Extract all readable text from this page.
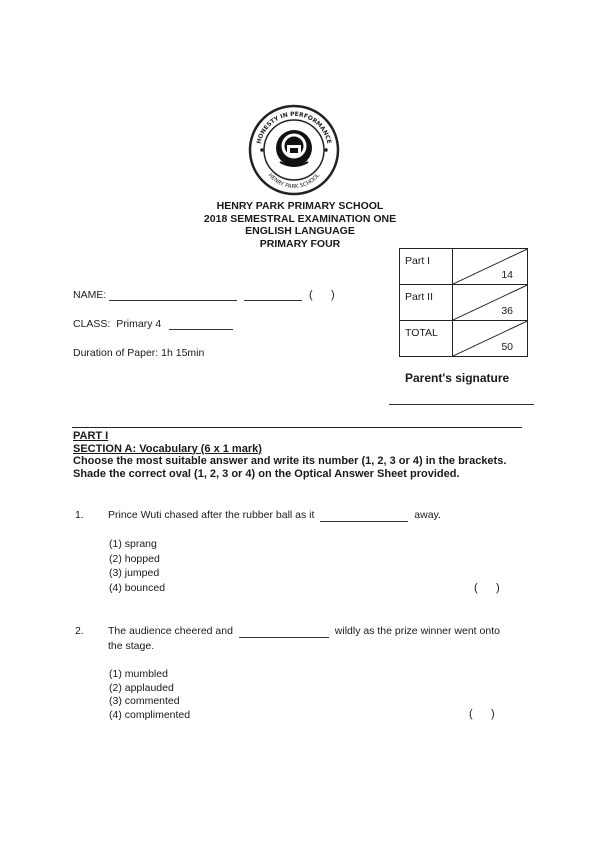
HONESTY IN PERFORMANCE
HENRY PARK SCHOOL
HENRY PARK PRIMARY SCHOOL
2018 SEMESTRAL EXAMINATION ONE
ENGLISH LANGUAGE
PRIMARY FOUR
NAME:	(      )
CLASS: Primary 4
Duration of Paper: 1h 15min
Part I	14

Part II	36

TOTAL	50
Parent's signature
PART I
SECTION A: Vocabulary (6 x 1 mark)
Choose the most suitable answer and write its number (1, 2, 3 or 4) in the brackets.
Shade the correct oval (1, 2, 3 or 4) on the Optical Answer Sheet provided.
1. Prince Wuti chased after the rubber ball as it	away.
(1) sprang
(2) hopped
(3) jumped
(4) bounced	(      )
2. The audience cheered and	wildly as the prize winner went onto
the stage.
(1) mumbled
(2) applauded
(3) commented
(4) complimented	(      )
